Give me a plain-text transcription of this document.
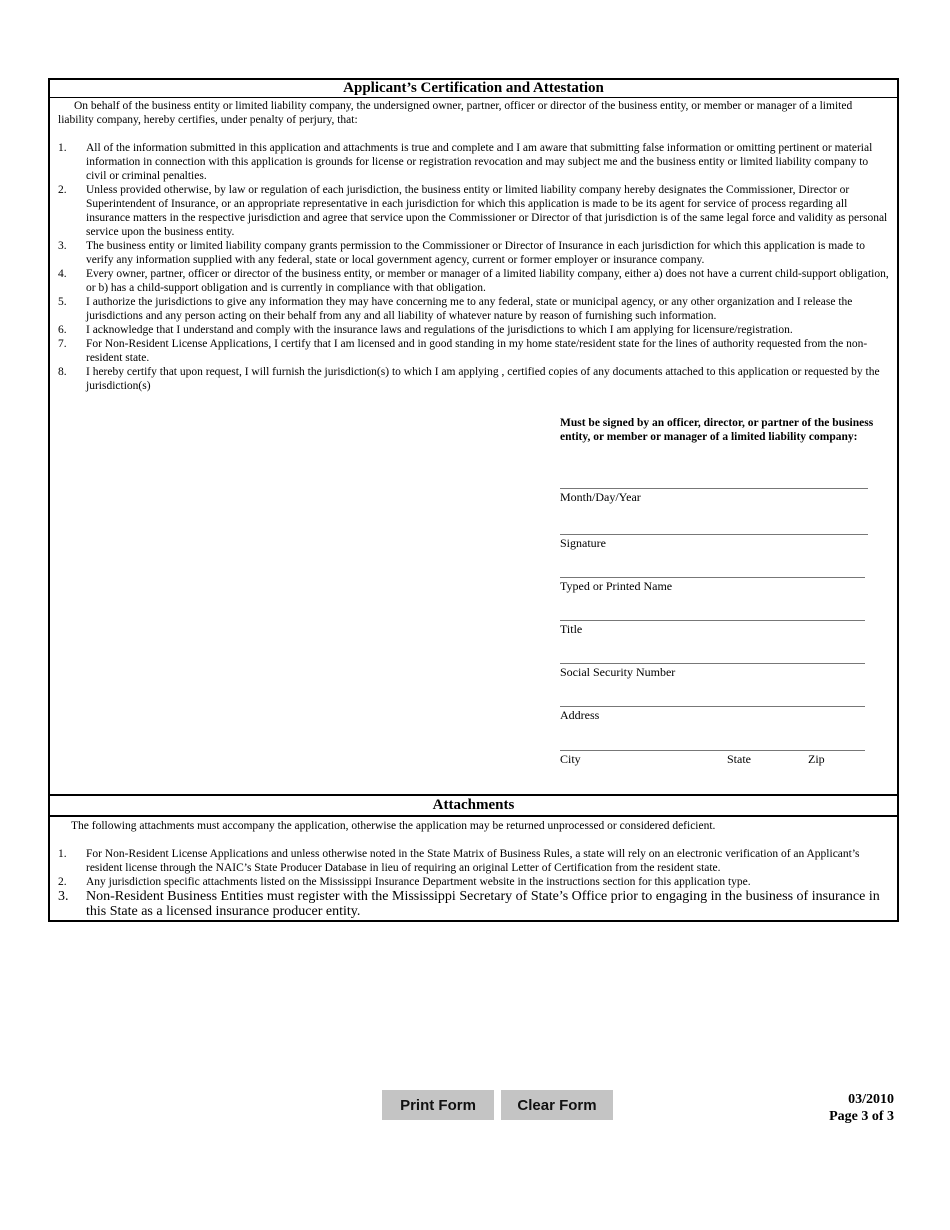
Applicant’s Certification and Attestation
On behalf of the business entity or limited liability company, the undersigned owner, partner, officer or director of the business entity, or member or manager of a limited liability company, hereby certifies, under penalty of perjury, that:
1. All of the information submitted in this application and attachments is true and complete and I am aware that submitting false information or omitting pertinent or material information in connection with this application is grounds for license or registration revocation and may subject me and the business entity or limited liability company to civil or criminal penalties.
2. Unless provided otherwise, by law or regulation of each jurisdiction, the business entity or limited liability company hereby designates the Commissioner, Director or Superintendent of Insurance, or an appropriate representative in each jurisdiction for which this application is made to be its agent for service of process regarding all insurance matters in the respective jurisdiction and agree that service upon the Commissioner or Director of that jurisdiction is of the same legal force and validity as personal service upon the business entity.
3. The business entity or limited liability company grants permission to the Commissioner or Director of Insurance in each jurisdiction for which this application is made to verify any information supplied with any federal, state or local government agency, current or former employer or insurance company.
4. Every owner, partner, officer or director of the business entity, or member or manager of a limited liability company, either a) does not have a current child-support obligation, or b) has a child-support obligation and is currently in compliance with that obligation.
5. I authorize the jurisdictions to give any information they may have concerning me to any federal, state or municipal agency, or any other organization and I release the jurisdictions and any person acting on their behalf from any and all liability of whatever nature by reason of furnishing such information.
6. I acknowledge that I understand and comply with the insurance laws and regulations of the jurisdictions to which I am applying for licensure/registration.
7. For Non-Resident License Applications, I certify that I am licensed and in good standing in my home state/resident state for the lines of authority requested from the non-resident state.
8. I hereby certify that upon request, I will furnish the jurisdiction(s) to which I am applying , certified copies of any documents attached to this application or requested by the jurisdiction(s)
Must be signed by an officer, director, or partner of the business entity, or member or manager of a limited liability company:
Month/Day/Year
Signature
Typed or Printed Name
Title
Social Security Number
Address
City	State	Zip
Attachments
The following attachments must accompany the application, otherwise the application may be returned unprocessed or considered deficient.
1. For Non-Resident License Applications and unless otherwise noted in the State Matrix of Business Rules, a state will rely on an electronic verification of an Applicant’s resident license through the NAIC’s State Producer Database in lieu of requiring an original Letter of Certification from the resident state.
2. Any jurisdiction specific attachments listed on the Mississippi Insurance Department website in the instructions section for this application type.
3. Non-Resident Business Entities must register with the Mississippi Secretary of State’s Office prior to engaging in the business of insurance in this State as a licensed insurance producer entity.
Print Form	Clear Form	03/2010
Page 3 of 3
